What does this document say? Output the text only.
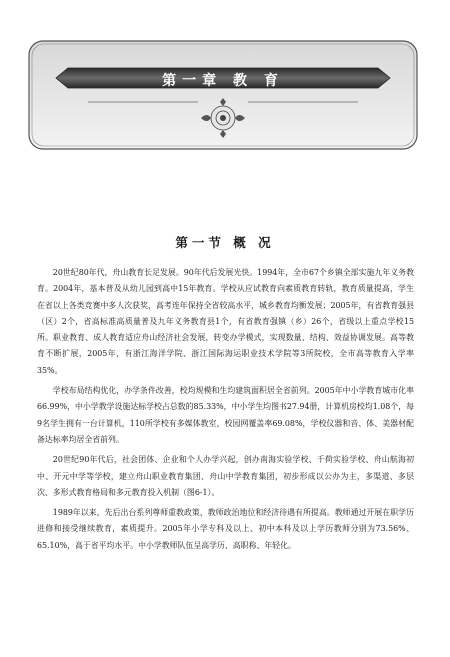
第一章 教 育
第一节 概 况

20世纪80年代，舟山教育长足发展。90年代后发展光快。1994年，全市67个乡镇全部实施九年义务教育。2004年，基本普及从幼儿园到高中15年教育。学校从应试教育向素质教育转轨，教育质量提高，学生在省以上各类竞赛中多人次获奖，高考连年保持全省较高水平，城乡教育均衡发展；2005年，有省教育强县（区）2个，省高标准高质量普及九年义务教育县1个，有省教育强镇（乡）26个，省级以上重点学校15所。职业教育、成人教育适应舟山经济社会发展，转变办学模式，实现数量、结构、效益协调发展。高等教育不断扩展，2005年，有浙江海洋学院、浙江国际海运职业技术学院等3所院校，全市高等教育入学率35%。

学校布局结构优化，办学条件改善，校均规模和生均建筑面积居全省前列。2005年中小学教育城市化率66.99%，中小学教学设施达标学校占总数的85.33%，中小学生均图书27.94册，计算机房校均1.08个，每9名学生拥有一台计算机，110所学校有多媒体教室，校园网覆盖率69.08%，学校仪器和音、体、美器材配备达标率均居全省前列。

20世纪90年代后，社会团体、企业和个人办学兴起，创办南海实验学校、千荷实验学校、舟山航海初中、开元中学等学校，建立舟山职业教育集团、舟山中学教育集团，初步形成以公办为主，多渠道、多层次、多形式教育格局和多元教育投入机制（图6-1）。

1989年以来，先后出台系列尊师重教政策，教师政治地位和经济待遇有所提高。教师通过开展在职学历进修和接受继续教育，素质提升。2005年小学专科及以上、初中本科及以上学历教师分别为73.56%、65.10%，高于省平均水平。中小学教师队伍呈高学历、高职称、年轻化。
